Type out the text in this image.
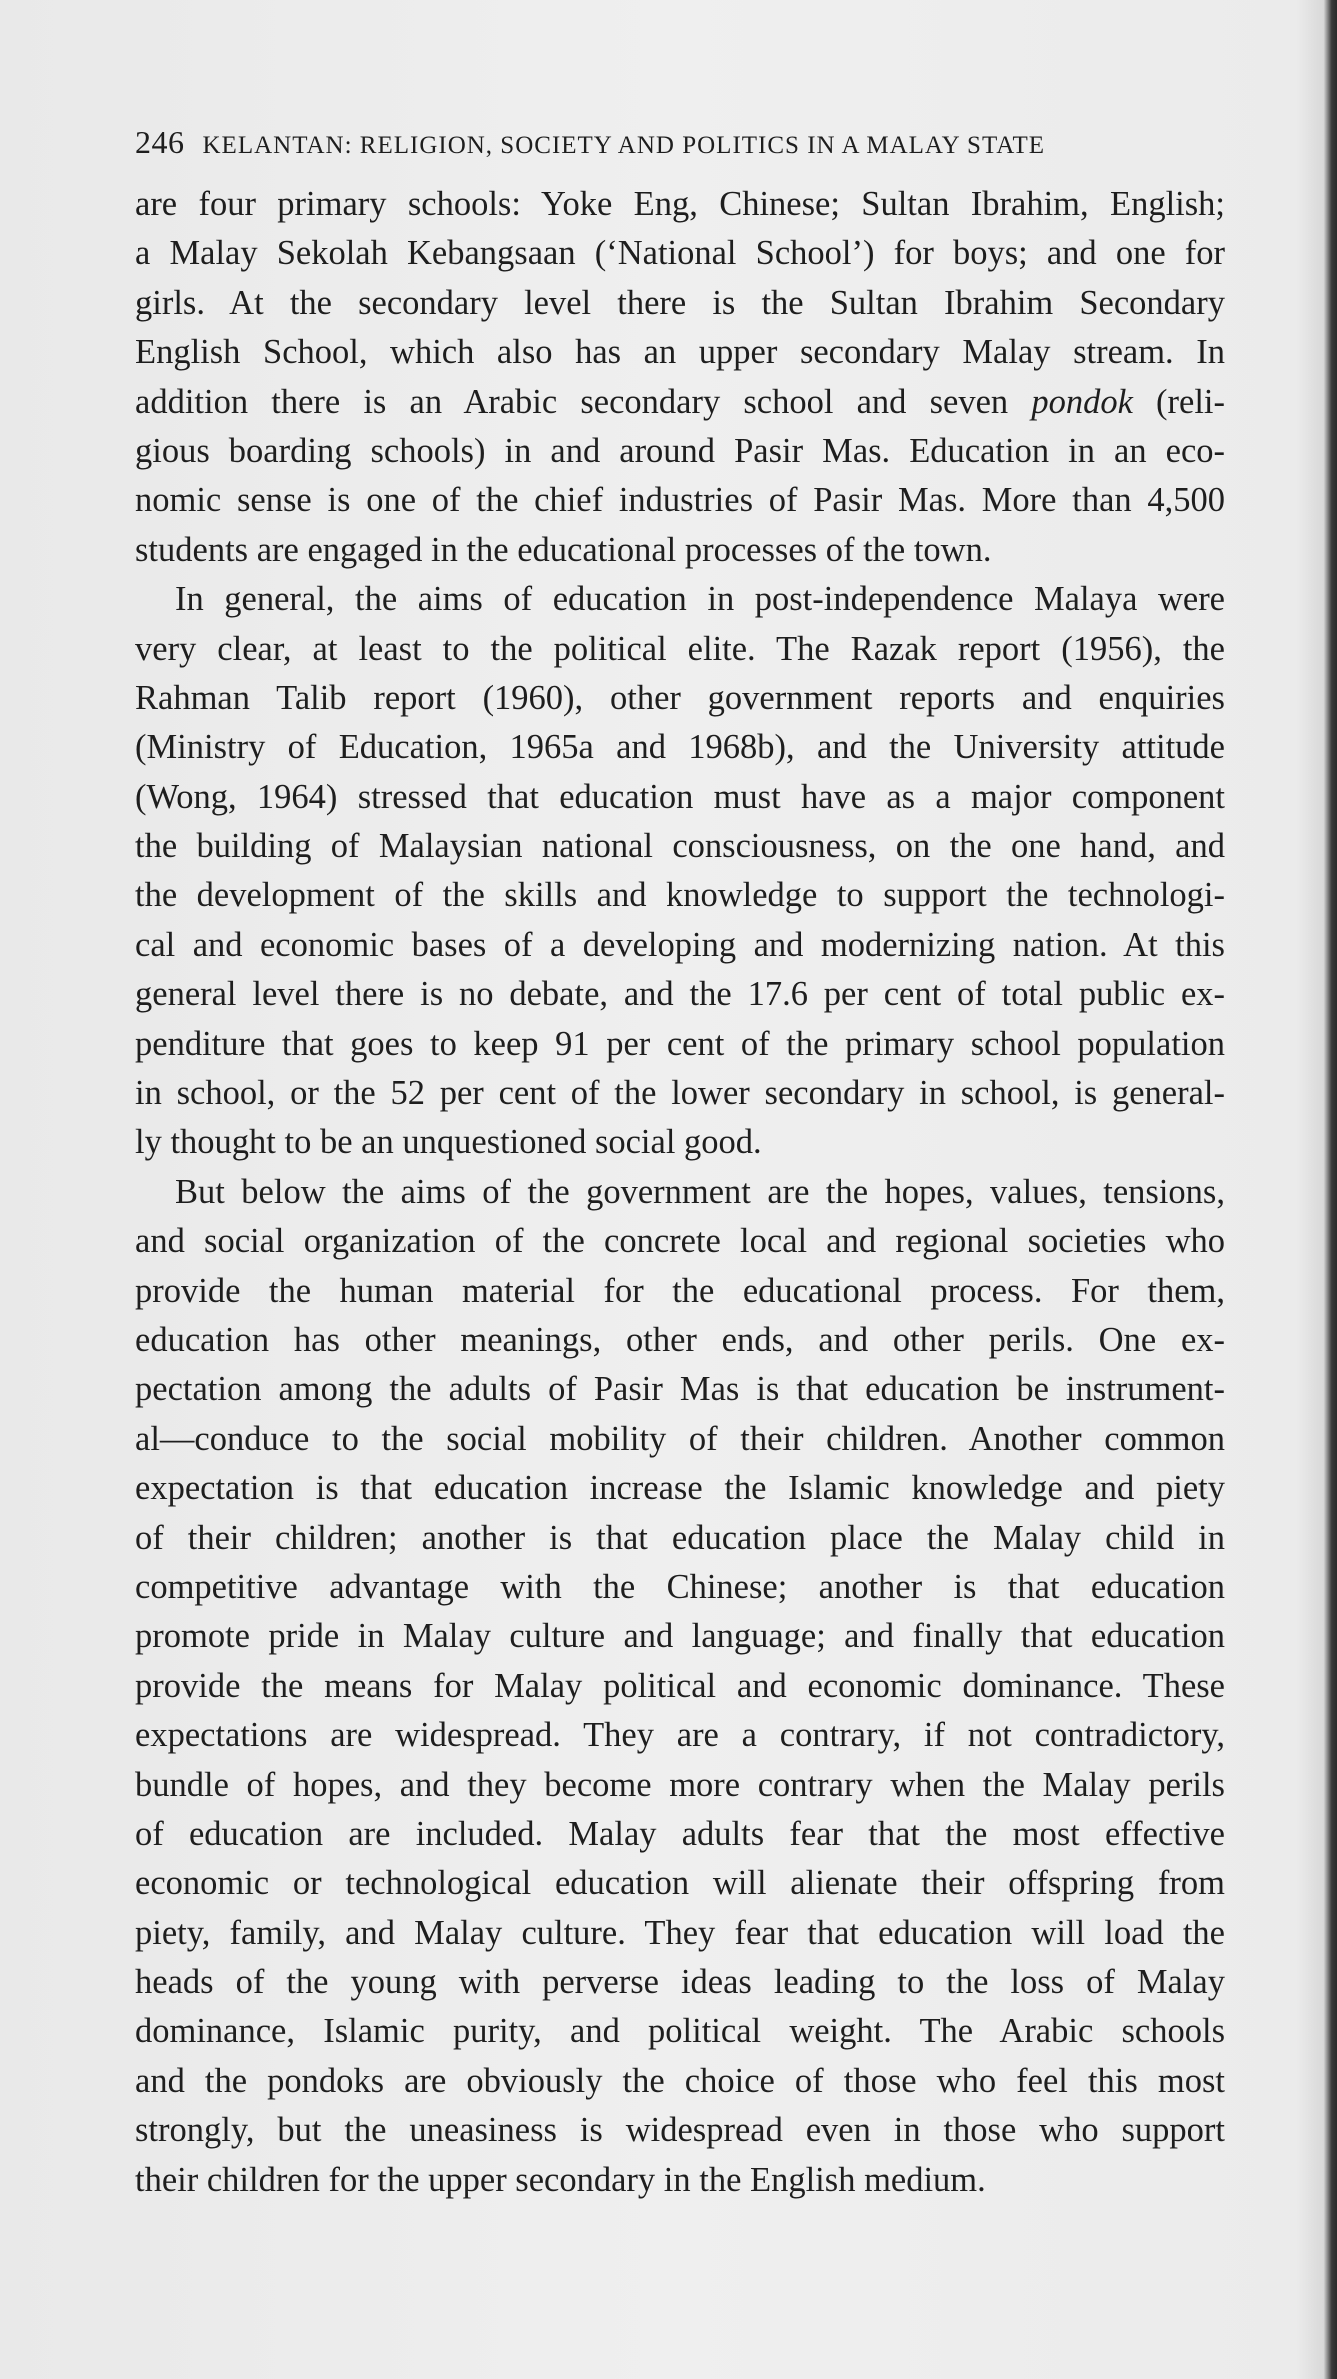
246 KELANTAN: RELIGION, SOCIETY AND POLITICS IN A MALAY STATE
are four primary schools: Yoke Eng, Chinese; Sultan Ibrahim, English;
a Malay Sekolah Kebangsaan (‘National School’) for boys; and one for
girls. At the secondary level there is the Sultan Ibrahim Secondary
English School, which also has an upper secondary Malay stream. In
addition there is an Arabic secondary school and seven pondok (reli-
gious boarding schools) in and around Pasir Mas. Education in an eco-
nomic sense is one of the chief industries of Pasir Mas. More than 4,500
students are engaged in the educational processes of the town.
In general, the aims of education in post-independence Malaya were
very clear, at least to the political elite. The Razak report (1956), the
Rahman Talib report (1960), other government reports and enquiries
(Ministry of Education, 1965a and 1968b), and the University attitude
(Wong, 1964) stressed that education must have as a major component
the building of Malaysian national consciousness, on the one hand, and
the development of the skills and knowledge to support the technologi-
cal and economic bases of a developing and modernizing nation. At this
general level there is no debate, and the 17.6 per cent of total public ex-
penditure that goes to keep 91 per cent of the primary school population
in school, or the 52 per cent of the lower secondary in school, is general-
ly thought to be an unquestioned social good.
But below the aims of the government are the hopes, values, tensions,
and social organization of the concrete local and regional societies who
provide the human material for the educational process. For them,
education has other meanings, other ends, and other perils. One ex-
pectation among the adults of Pasir Mas is that education be instrument-
al—conduce to the social mobility of their children. Another common
expectation is that education increase the Islamic knowledge and piety
of their children; another is that education place the Malay child in
competitive advantage with the Chinese; another is that education
promote pride in Malay culture and language; and finally that education
provide the means for Malay political and economic dominance. These
expectations are widespread. They are a contrary, if not contradictory,
bundle of hopes, and they become more contrary when the Malay perils
of education are included. Malay adults fear that the most effective
economic or technological education will alienate their offspring from
piety, family, and Malay culture. They fear that education will load the
heads of the young with perverse ideas leading to the loss of Malay
dominance, Islamic purity, and political weight. The Arabic schools
and the pondoks are obviously the choice of those who feel this most
strongly, but the uneasiness is widespread even in those who support
their children for the upper secondary in the English medium.
